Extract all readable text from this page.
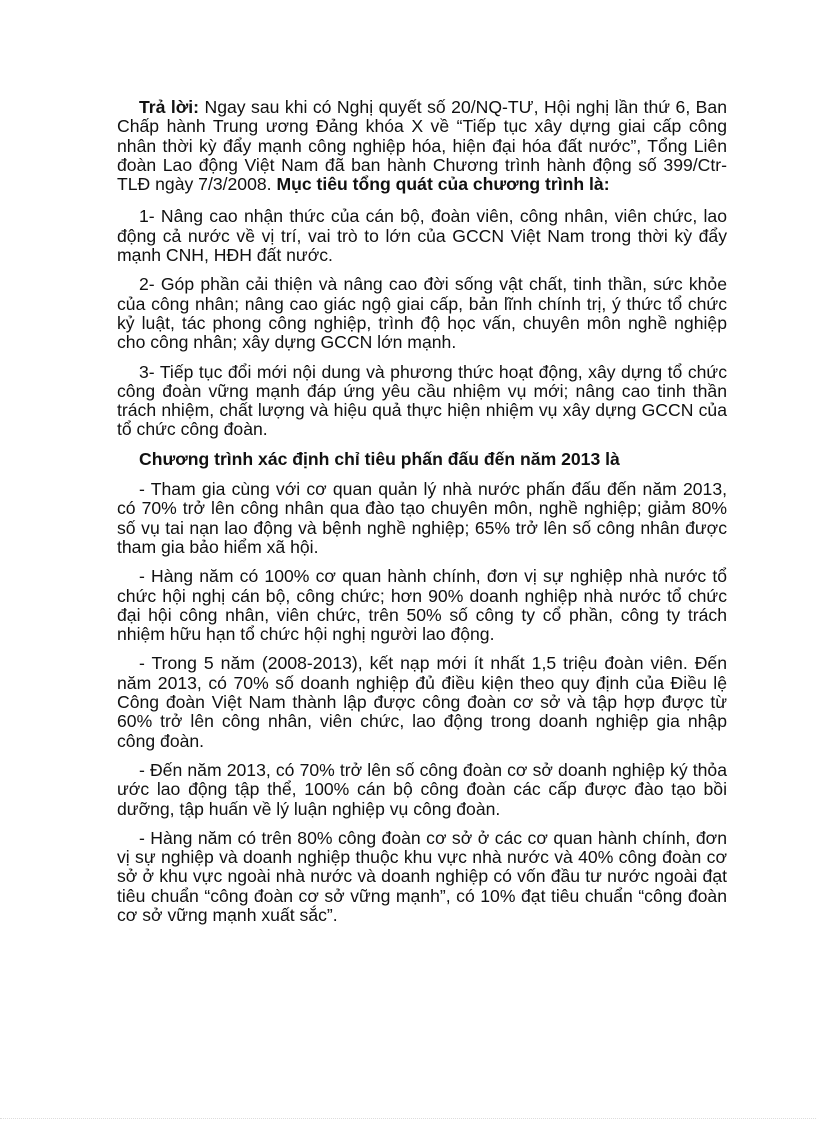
Trả lời: Ngay sau khi có Nghị quyết số 20/NQ-TƯ, Hội nghị lần thứ 6, Ban Chấp hành Trung ương Đảng khóa X về “Tiếp tục xây dựng giai cấp công nhân thời kỳ đẩy mạnh công nghiệp hóa, hiện đại hóa đất nước”, Tổng Liên đoàn Lao động Việt Nam đã ban hành Chương trình hành động số 399/Ctr-TLĐ ngày 7/3/2008. Mục tiêu tổng quát của chương trình là:

1- Nâng cao nhận thức của cán bộ, đoàn viên, công nhân, viên chức, lao động cả nước về vị trí, vai trò to lớn của GCCN Việt Nam trong thời kỳ đẩy mạnh CNH, HĐH đất nước.

2- Góp phần cải thiện và nâng cao đời sống vật chất, tinh thần, sức khỏe của công nhân; nâng cao giác ngộ giai cấp, bản lĩnh chính trị, ý thức tổ chức kỷ luật, tác phong công nghiệp, trình độ học vấn, chuyên môn nghề nghiệp cho công nhân; xây dựng GCCN lớn mạnh.

3- Tiếp tục đổi mới nội dung và phương thức hoạt động, xây dựng tổ chức công đoàn vững mạnh đáp ứng yêu cầu nhiệm vụ mới; nâng cao tinh thần trách nhiệm, chất lượng và hiệu quả thực hiện nhiệm vụ xây dựng GCCN của tổ chức công đoàn.

Chương trình xác định chỉ tiêu phấn đấu đến năm 2013 là

- Tham gia cùng với cơ quan quản lý nhà nước phấn đấu đến năm 2013, có 70% trở lên công nhân qua đào tạo chuyên môn, nghề nghiệp; giảm 80% số vụ tai nạn lao động và bệnh nghề nghiệp; 65% trở lên số công nhân được tham gia bảo hiểm xã hội.

- Hàng năm có 100% cơ quan hành chính, đơn vị sự nghiệp nhà nước tổ chức hội nghị cán bộ, công chức; hơn 90% doanh nghiệp nhà nước tổ chức đại hội công nhân, viên chức, trên 50% số công ty cổ phần, công ty trách nhiệm hữu hạn tổ chức hội nghị người lao động.

- Trong 5 năm (2008-2013), kết nạp mới ít nhất 1,5 triệu đoàn viên. Đến năm 2013, có 70% số doanh nghiệp đủ điều kiện theo quy định của Điều lệ Công đoàn Việt Nam thành lập được công đoàn cơ sở và tập hợp được từ 60% trở lên công nhân, viên chức, lao động trong doanh nghiệp gia nhập công đoàn.

- Đến năm 2013, có 70% trở lên số công đoàn cơ sở doanh nghiệp ký thỏa ước lao động tập thể, 100% cán bộ công đoàn các cấp được đào tạo bồi dưỡng, tập huấn về lý luận nghiệp vụ công đoàn.

- Hàng năm có trên 80% công đoàn cơ sở ở các cơ quan hành chính, đơn vị sự nghiệp và doanh nghiệp thuộc khu vực nhà nước và 40% công đoàn cơ sở ở khu vực ngoài nhà nước và doanh nghiệp có vốn đầu tư nước ngoài đạt tiêu chuẩn “công đoàn cơ sở vững mạnh”, có 10% đạt tiêu chuẩn “công đoàn cơ sở vững mạnh xuất sắc”.
